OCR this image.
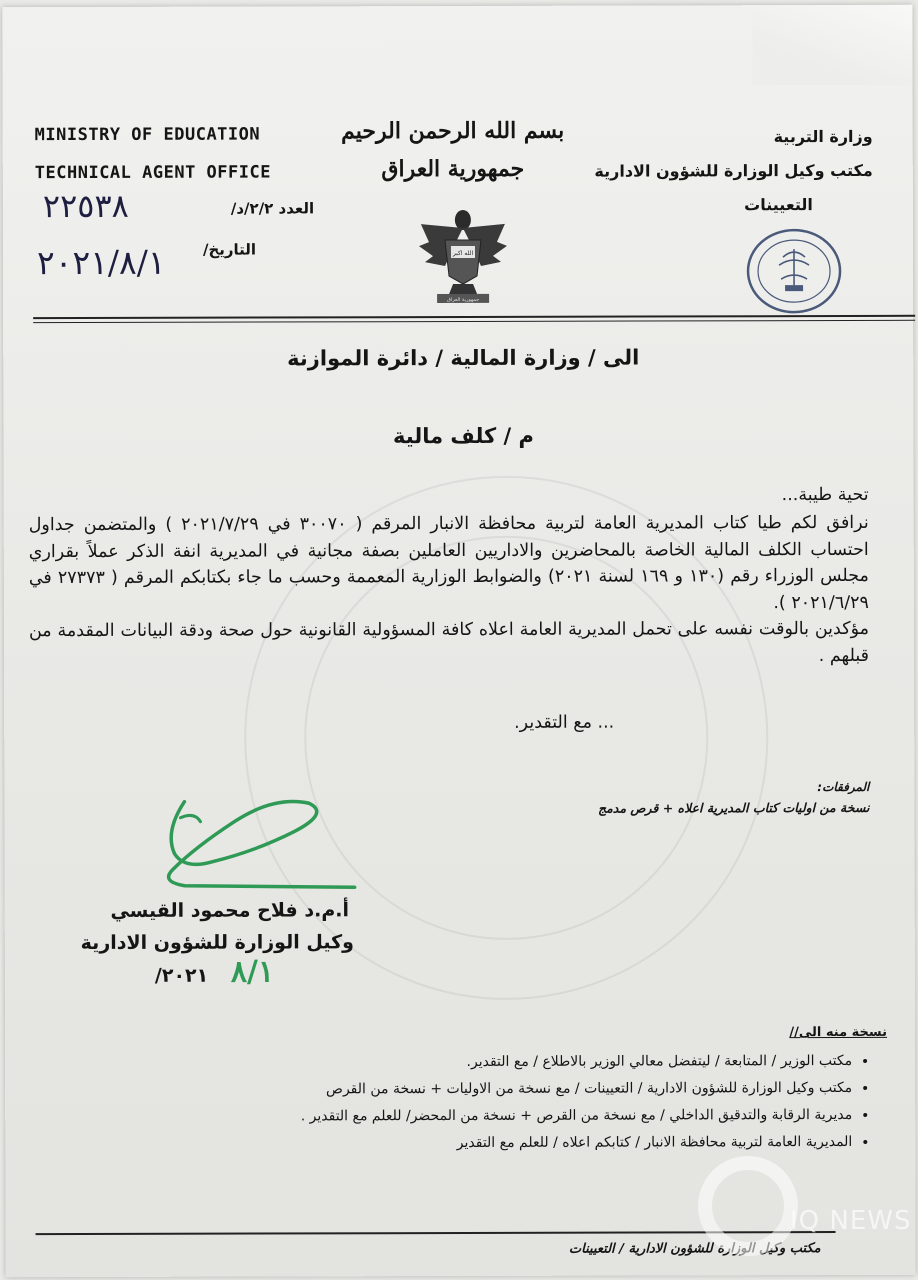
MINISTRY OF EDUCATION
TECHNICAL AGENT OFFICE
العدد ٢/٢/د/
٢٢٥٣٨
التاريخ/
٢٠٢١/٨/١
بسم الله الرحمن الرحيم
جمهورية العراق
الله اكبر
جمهورية العراق
وزارة التربية
مكتب وكيل الوزارة للشؤون الادارية
التعيينات
الى / وزارة المالية / دائرة الموازنة
م / كلف مالية
تحية طيبة...

نرافق لكم طيا كتاب المديرية العامة لتربية محافظة الانبار المرقم ( ٣٠٠٧٠ في ٢٠٢١/٧/٢٩ ) والمتضمن جداول احتساب الكلف المالية الخاصة بالمحاضرين والاداريين العاملين بصفة مجانية في المديرية انفة الذكر عملاً بقراري مجلس الوزراء رقم (١٣٠ و ١٦٩ لسنة ٢٠٢١) والضوابط الوزارية المعممة وحسب ما جاء بكتابكم المرقم ( ٢٧٣٧٣ في ٢٠٢١/٦/٢٩ ).

مؤكدين بالوقت نفسه على تحمل المديرية العامة اعلاه كافة المسؤولية القانونية حول صحة ودقة البيانات المقدمة من قبلهم .

... مع التقدير.
المرفقات:
نسخة من اوليات كتاب المديرية اعلاه + قرص مدمج
أ.م.د فلاح محمود القيسي
وكيل الوزارة للشؤون الادارية
/٢٠٢١ ٨/١
نسخة منه الى//
• مكتب الوزير / المتابعة / ليتفضل معالي الوزير بالاطلاع / مع التقدير.
• مكتب وكيل الوزارة للشؤون الادارية / التعيينات / مع نسخة من الاوليات + نسخة من القرص
• مديرية الرقابة والتدقيق الداخلي / مع نسخة من القرص + نسخة من المحضر/ للعلم مع التقدير .
• المديرية العامة لتربية محافظة الانبار / كتابكم اعلاه / للعلم مع التقدير
مكتب وكيل الوزارة للشؤون الادارية / التعيينات
IQ NEWS
